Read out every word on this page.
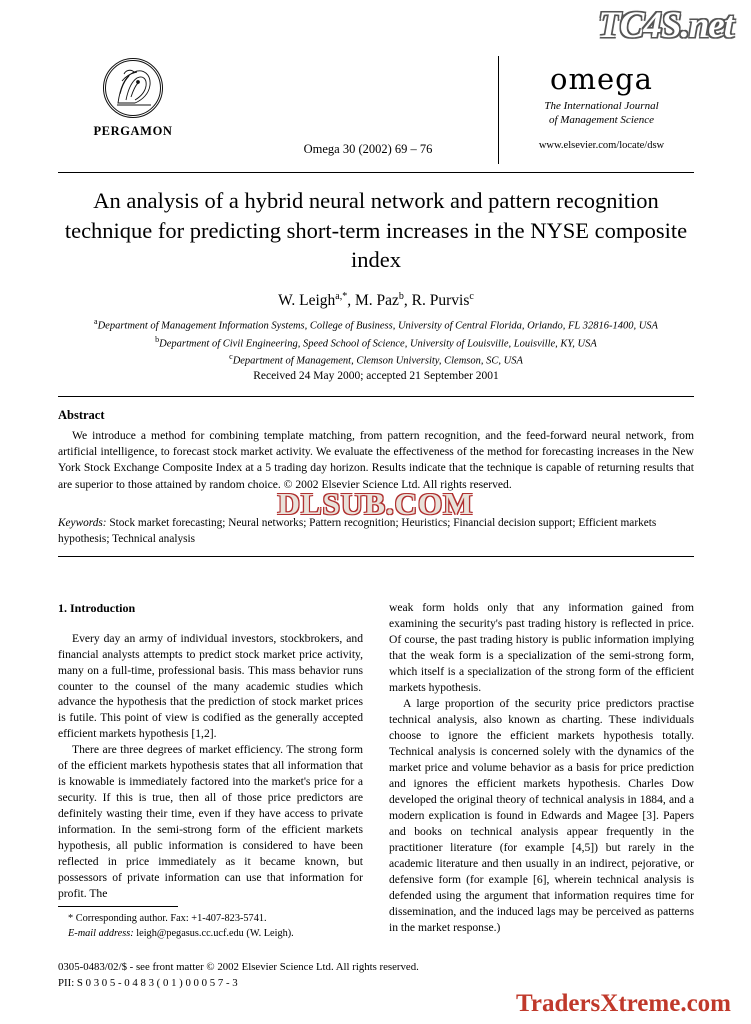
PERGAMON
Omega 30 (2002) 69 – 76
omega
The International Journal
of Management Science
www.elsevier.com/locate/dsw
An analysis of a hybrid neural network and pattern recognition technique for predicting short-term increases in the NYSE composite index
W. Leigh$^{a,*}$, M. Paz$^b$, R. Purvis$^c$
$^a$Department of Management Information Systems, College of Business, University of Central Florida, Orlando, FL 32816-1400, USA
$^b$Department of Civil Engineering, Speed School of Science, University of Louisville, Louisville, KY, USA
$^c$Department of Management, Clemson University, Clemson, SC, USA
Received 24 May 2000; accepted 21 September 2001
Abstract
We introduce a method for combining template matching, from pattern recognition, and the feed-forward neural network, from artificial intelligence, to forecast stock market activity. We evaluate the effectiveness of the method for forecasting increases in the New York Stock Exchange Composite Index at a 5 trading day horizon. Results indicate that the technique is capable of returning results that are superior to those attained by random choice. © 2002 Elsevier Science Ltd. All rights reserved.
Keywords: Stock market forecasting; Neural networks; Pattern recognition; Heuristics; Financial decision support; Efficient markets hypothesis; Technical analysis
1. Introduction

Every day an army of individual investors, stockbrokers, and financial analysts attempts to predict stock market price activity, many on a full-time, professional basis. This mass behavior runs counter to the counsel of the many academic studies which advance the hypothesis that the prediction of stock market prices is futile. This point of view is codified as the generally accepted efficient markets hypothesis [1,2].

There are three degrees of market efficiency. The strong form of the efficient markets hypothesis states that all information that is knowable is immediately factored into the market's price for a security. If this is true, then all of those price predictors are definitely wasting their time, even if they have access to private information. In the semi-strong form of the efficient markets hypothesis, all public information is considered to have been reflected in price immediately as it became known, but possessors of private information can use that information for profit. The

weak form holds only that any information gained from examining the security's past trading history is reflected in price. Of course, the past trading history is public information implying that the weak form is a specialization of the semi-strong form, which itself is a specialization of the strong form of the efficient markets hypothesis.

A large proportion of the security price predictors practise technical analysis, also known as charting. These individuals choose to ignore the efficient markets hypothesis totally. Technical analysis is concerned solely with the dynamics of the market price and volume behavior as a basis for price prediction and ignores the efficient markets hypothesis. Charles Dow developed the original theory of technical analysis in 1884, and a modern explication is found in Edwards and Magee [3]. Papers and books on technical analysis appear frequently in the practitioner literature (for example [4,5]) but rarely in the academic literature and then usually in an indirect, pejorative, or defensive form (for example [6], wherein technical analysis is defended using the argument that information requires time for dissemination, and the induced lags may be perceived as patterns in the market response.)

* Corresponding author. Fax: +1-407-823-5741.
E-mail address: leigh@pegasus.cc.ucf.edu (W. Leigh).
0305-0483/02/$ - see front matter © 2002 Elsevier Science Ltd. All rights reserved.
PII: S 0 3 0 5 - 0 4 8 3 ( 0 1 ) 0 0 0 5 7 - 3
TC4S.net
DLSUB.COM
TradersXtreme.com
